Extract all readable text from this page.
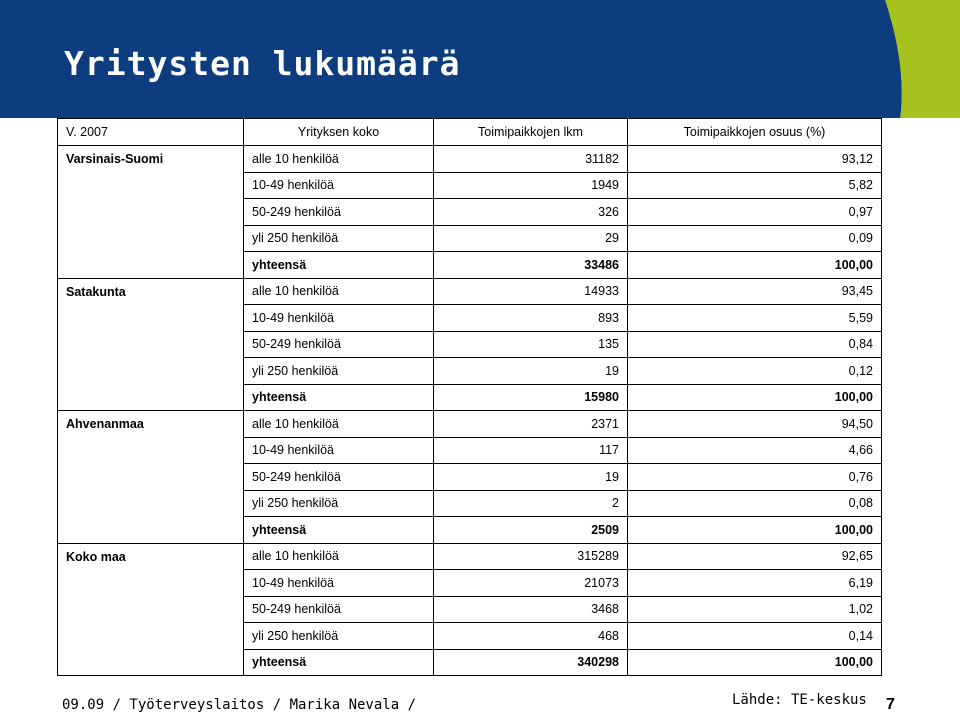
Yritysten lukumäärä
V. 2007	Yrityksen koko	Toimipaikkojen lkm	Toimipaikkojen osuus (%)
Varsinais-Suomi	alle 10 henkilöä	31182	93,12
	10-49 henkilöä	1949	5,82
	50-249 henkilöä	326	0,97
	yli 250 henkilöä	29	0,09
	yhteensä	33486	100,00
Satakunta	alle 10 henkilöä	14933	93,45
	10-49 henkilöä	893	5,59
	50-249 henkilöä	135	0,84
	yli 250 henkilöä	19	0,12
	yhteensä	15980	100,00
Ahvenanmaa	alle 10 henkilöä	2371	94,50
	10-49 henkilöä	117	4,66
	50-249 henkilöä	19	0,76
	yli 250 henkilöä	2	0,08
	yhteensä	2509	100,00
Koko maa	alle 10 henkilöä	315289	92,65
	10-49 henkilöä	21073	6,19
	50-249 henkilöä	3468	1,02
	yli 250 henkilöä	468	0,14
	yhteensä	340298	100,00
09.09 / Työterveyslaitos / Marika Nevala /	Lähde: TE-keskus 7
